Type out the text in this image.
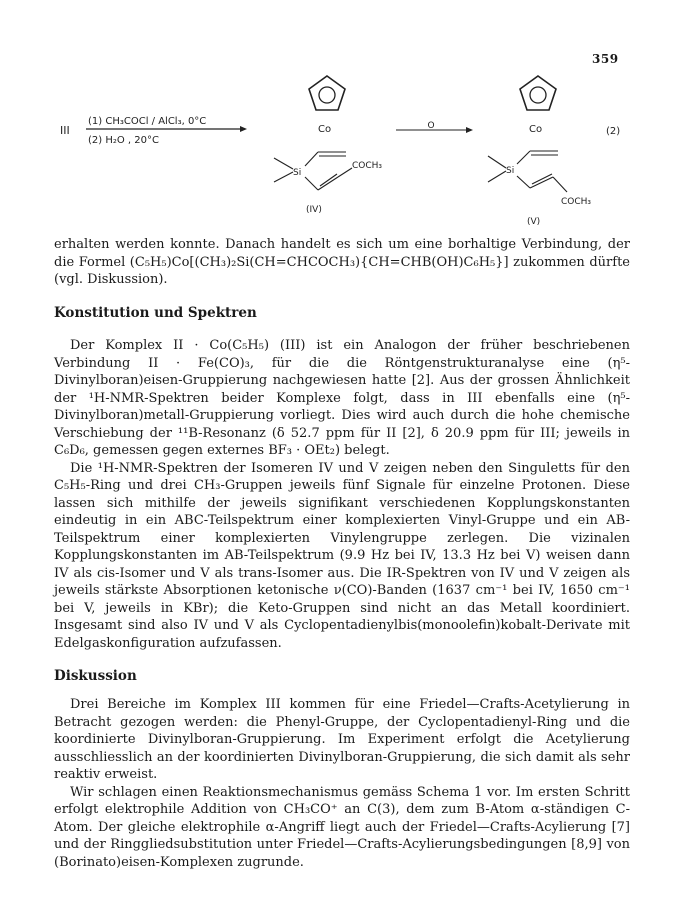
359
III
(1) CH₃COCl / AlCl₃, 0°C
(2) H₂O , 20°C
Co
Si
COCH₃
(IV)
O	Co
Si
COCH₃
(V)
(2)

erhalten werden konnte. Danach handelt es sich um eine borhaltige Verbindung, der die Formel (C₅H₅)Co[(CH₃)₂Si(CH=CHCOCH₃){CH=CHB(OH)C₆H₅}] zukommen dürfte (vgl. Diskussion).

Konstitution und Spektren

Der Komplex II · Co(C₅H₅) (III) ist ein Analogon der früher beschriebenen Verbindung II · Fe(CO)₃, für die die Röntgenstrukturanalyse eine (η⁵-Divinylboran)eisen-Gruppierung nachgewiesen hatte [2]. Aus der grossen Ähnlichkeit der ¹H-NMR-Spektren beider Komplexe folgt, dass in III ebenfalls eine (η⁵-Divinylboran)metall-Gruppierung vorliegt. Dies wird auch durch die hohe chemische Verschiebung der ¹¹B-Resonanz (δ 52.7 ppm für II [2], δ 20.9 ppm für III; jeweils in C₆D₆, gemessen gegen externes BF₃ · OEt₂) belegt.

Die ¹H-NMR-Spektren der Isomeren IV und V zeigen neben den Singuletts für den C₅H₅-Ring und drei CH₃-Gruppen jeweils fünf Signale für einzelne Protonen. Diese lassen sich mithilfe der jeweils signifikant verschiedenen Kopplungskonstanten eindeutig in ein ABC-Teilspektrum einer komplexierten Vinyl-Gruppe und ein AB-Teilspektrum einer komplexierten Vinylengruppe zerlegen. Die vizinalen Kopplungskonstanten im AB-Teilspektrum (9.9 Hz bei IV, 13.3 Hz bei V) weisen dann IV als cis-Isomer und V als trans-Isomer aus. Die IR-Spektren von IV und V zeigen als jeweils stärkste Absorptionen ketonische ν(CO)-Banden (1637 cm⁻¹ bei IV, 1650 cm⁻¹ bei V, jeweils in KBr); die Keto-Gruppen sind nicht an das Metall koordiniert. Insgesamt sind also IV und V als Cyclopentadienylbis(monoolefin)kobalt-Derivate mit Edelgaskonfiguration aufzufassen.

Diskussion

Drei Bereiche im Komplex III kommen für eine Friedel—Crafts-Acetylierung in Betracht gezogen werden: die Phenyl-Gruppe, der Cyclopentadienyl-Ring und die koordinierte Divinylboran-Gruppierung. Im Experiment erfolgt die Acetylierung ausschliesslich an der koordinierten Divinylboran-Gruppierung, die sich damit als sehr reaktiv erweist.

Wir schlagen einen Reaktionsmechanismus gemäss Schema 1 vor. Im ersten Schritt erfolgt elektrophile Addition von CH₃CO⁺ an C(3), dem zum B-Atom α-ständigen C-Atom. Der gleiche elektrophile α-Angriff liegt auch der Friedel—Crafts-Acylierung [7] und der Ringgliedsubstitution unter Friedel—Crafts-Acylierungsbedingungen [8,9] von (Borinato)eisen-Komplexen zugrunde.
